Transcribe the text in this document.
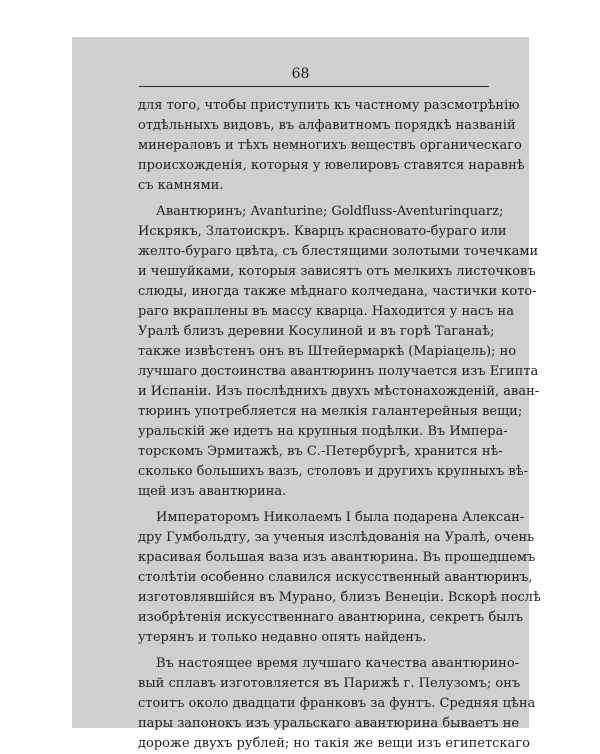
68
для того, чтобы приступить къ частному разсмотрѣнію
отдѣльныхъ видовъ, въ алфавитномъ порядкѣ названій
минераловъ и тѣхъ немногихъ веществъ органическаго
происхожденія, которыя у ювелировъ ставятся наравнѣ
съ камнями.
Авантюринъ; Avanturine; Goldfluss-Aventurinquarz;
Искрякъ, Златоискръ. Кварцъ красновато-бураго или
желто-бураго цвѣта, съ блестящими золотыми точечками
и чешуйками, которыя зависятъ отъ мелкихъ листочковъ
слюды, иногда также мѣднаго колчедана, частички кото-
раго вкраплены въ массу кварца. Находится у насъ на
Уралѣ близъ деревни Косулиной и въ горѣ Таганаѣ;
также извѣстенъ онъ въ Штейермаркѣ (Маріацель); но
лучшаго достоинства авантюринъ получается изъ Египта
и Испаніи. Изъ послѣднихъ двухъ мѣстонахожденій, аван-
тюринъ употребляется на мелкія галантерейныя вещи;
уральскій же идетъ на крупныя подѣлки. Въ Импера-
торскомъ Эрмитажѣ, въ С.-Петербургѣ, хранится нѣ-
сколько большихъ вазъ, столовъ и другихъ крупныхъ вѣ-
щей изъ авантюрина.
Императоромъ Николаемъ I была подарена Алексан-
дру Гумбольдту, за ученыя изслѣдованія на Уралѣ, очень
красивая большая ваза изъ авантюрина. Въ прошедшемъ
столѣтіи особенно славился искусственный авантюринъ,
изготовлявшійся въ Мурано, близъ Венеціи. Вскорѣ послѣ
изобрѣтенія искусственнаго авантюрина, секретъ былъ
утерянъ и только недавно опять найденъ.
Въ настоящее время лучшаго качества авантюрино-
вый сплавъ изготовляется въ Парижѣ г. Пелузомъ; онъ
стоитъ около двадцати франковъ за фунтъ. Средняя цѣна
пары запонокъ изъ уральскаго авантюрина бываетъ не
дороже двухъ рублей; но такія же вещи изъ египетскаго
